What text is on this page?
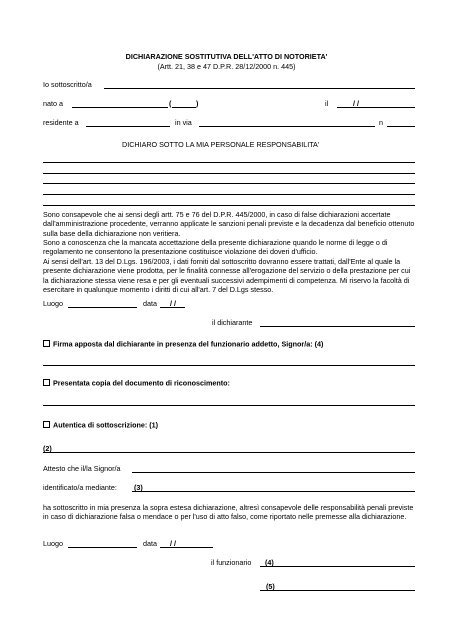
DICHIARAZIONE SOSTITUTIVA DELL'ATTO DI NOTORIETA'
(Artt. 21, 38 e 47 D.P.R. 28/12/2000 n. 445)
Io sottoscritto/a
nato a	(	)	il	/ /
residente a	in via	n
DICHIARO SOTTO LA MIA PERSONALE RESPONSABILITA'
Sono consapevole che ai sensi degli artt. 75 e 76 del D.P.R. 445/2000, in caso di false dichiarazioni accertate dall'amministrazione procedente, verranno applicate le sanzioni penali previste e la decadenza dal beneficio ottenuto sulla base della dichiarazione non veritiera.
Sono a conoscenza che la mancata accettazione della presente dichiarazione quando le norme di legge o di regolamento ne consentono la presentazione costituisce violazione dei doveri d'ufficio.
Ai sensi dell'art. 13 del D.Lgs. 196/2003, i dati forniti dal sottoscritto dovranno essere trattati, dall'Ente al quale la presente dichiarazione viene prodotta, per le finalità connesse all'erogazione del servizio o della prestazione per cui la dichiarazione stessa viene resa e per gli eventuali successivi adempimenti di competenza. Mi riservo la facoltà di esercitare in qualunque momento i diritti di cui all'art. 7 del D.Lgs stesso.
Luogo	data / /
il dichiarante
Firma apposta dal dichiarante in presenza del funzionario addetto, Signor/a: (4)
Presentata copia del documento di riconoscimento:
Autentica di sottoscrizione: (1)
(2)
Attesto che il/la Signor/a
identificato/a mediante: (3)
ha sottoscritto in mia presenza la sopra estesa dichiarazione, altresì consapevole delle responsabilità penali previste in caso di dichiarazione falsa o mendace o per l'uso di atto falso, come riportato nelle premesse alla dichiarazione.
Luogo	data / /
il funzionario (4)
(5)
